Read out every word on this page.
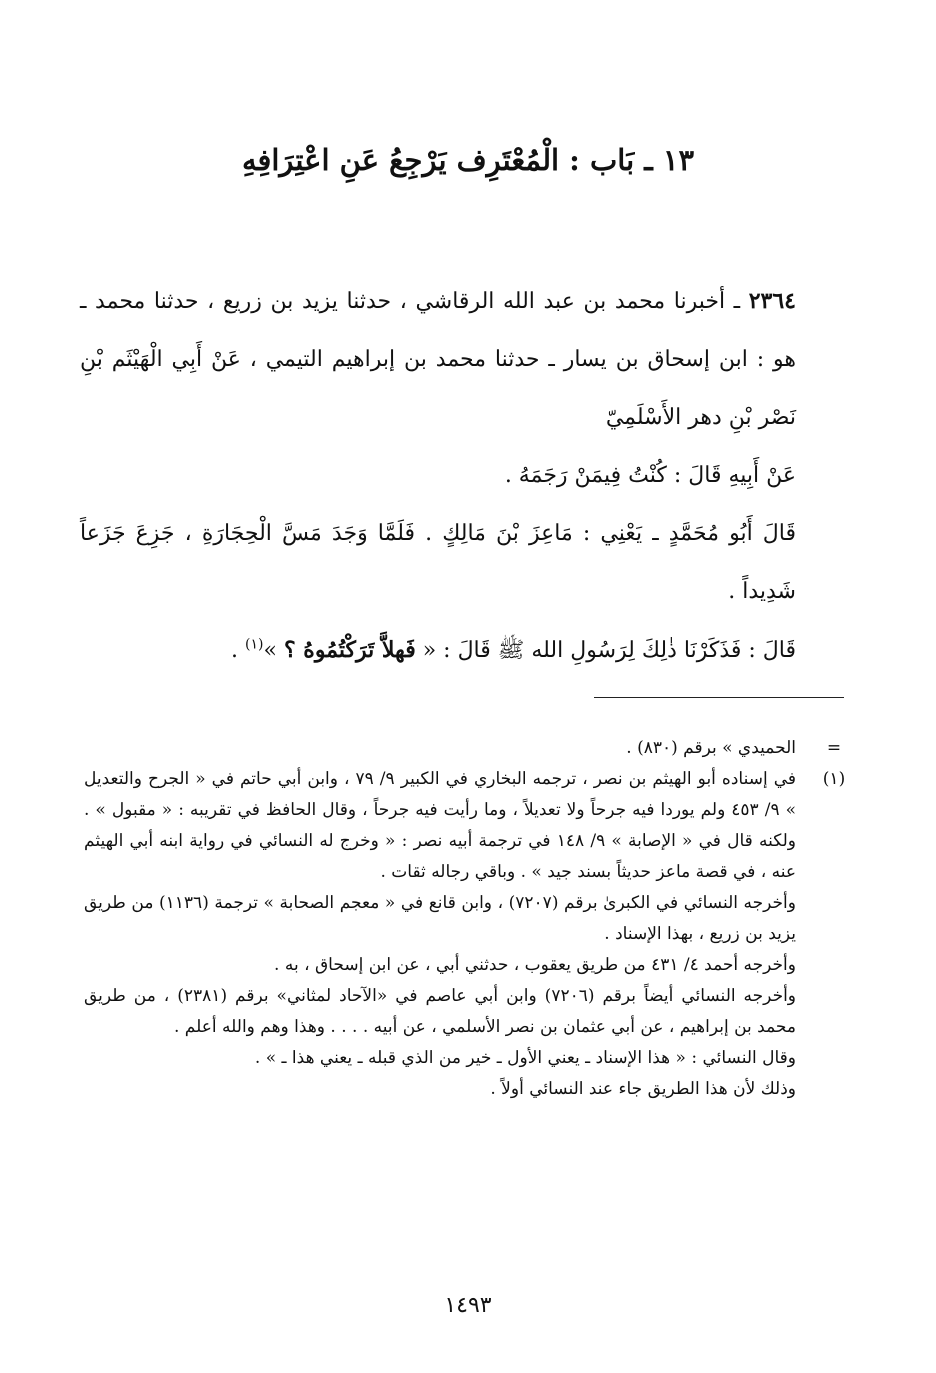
١٣ ـ بَاب : الْمُعْتَرِف يَرْجِعُ عَنِ اعْتِرَافِهِ

٢٣٦٤ ـ أخبرنا محمد بن عبد الله الرقاشي ، حدثنا يزيد بن زريع ، حدثنا محمد ـ هو : ابن إسحاق بن يسار ـ حدثنا محمد بن إبراهيم التيمي ، عَنْ أَبِي الْهَيْثَم بْنِ نَصْر بْنِ دهر الأَسْلَمِيّ

عَنْ أَبِيهِ قَالَ : كُنْتُ فِيمَنْ رَجَمَهُ .

قَالَ أَبُو مُحَمَّدٍ ـ يَعْنِي : مَاعِزَ بْنَ مَالِكٍ . فَلَمَّا وَجَدَ مَسَّ الْحِجَارَةِ ، جَزِعَ جَزَعاً شَدِيداً .

قَالَ : فَذَكَرْنَا ذٰلِكَ لِرَسُولِ الله ﷺ قَالَ : « فَهلاَّ تَرَكْتُمُوهُ ؟ »$^{(١)}$ .

=

الحميدي » برقم (٨٣٠) .

(١)

في إسناده أبو الهيثم بن نصر ، ترجمه البخاري في الكبير ٩/ ٧٩ ، وابن أبي حاتم في « الجرح والتعديل » ٩/ ٤٥٣ ولم يوردا فيه جرحاً ولا تعديلاً ، وما رأيت فيه جرحاً ، وقال الحافظ في تقريبه : « مقبول » . ولكنه قال في « الإصابة » ٩/ ١٤٨ في ترجمة أبيه نصر : « وخرج له النسائي في رواية ابنه أبي الهيثم عنه ، في قصة ماعز حديثاً بسند جيد » . وباقي رجاله ثقات .

وأخرجه النسائي في الكبرىٰ برقم (٧٢٠٧) ، وابن قانع في « معجم الصحابة » ترجمة (١١٣٦) من طريق يزيد بن زريع ، بهذا الإسناد .

وأخرجه أحمد ٤/ ٤٣١ من طريق يعقوب ، حدثني أبي ، عن ابن إسحاق ، به .

وأخرجه النسائي أيضاً برقم (٧٢٠٦) وابن أبي عاصم في «الآحاد لمثاني» برقم (٢٣٨١) ، من طريق محمد بن إبراهيم ، عن أبي عثمان بن نصر الأسلمي ، عن أبيه . . . . وهذا وهم والله أعلم .

وقال النسائي : « هذا الإسناد ـ يعني الأول ـ خير من الذي قبله ـ يعني هذا ـ » .

وذلك لأن هذا الطريق جاء عند النسائي أولاً .

١٤٩٣
